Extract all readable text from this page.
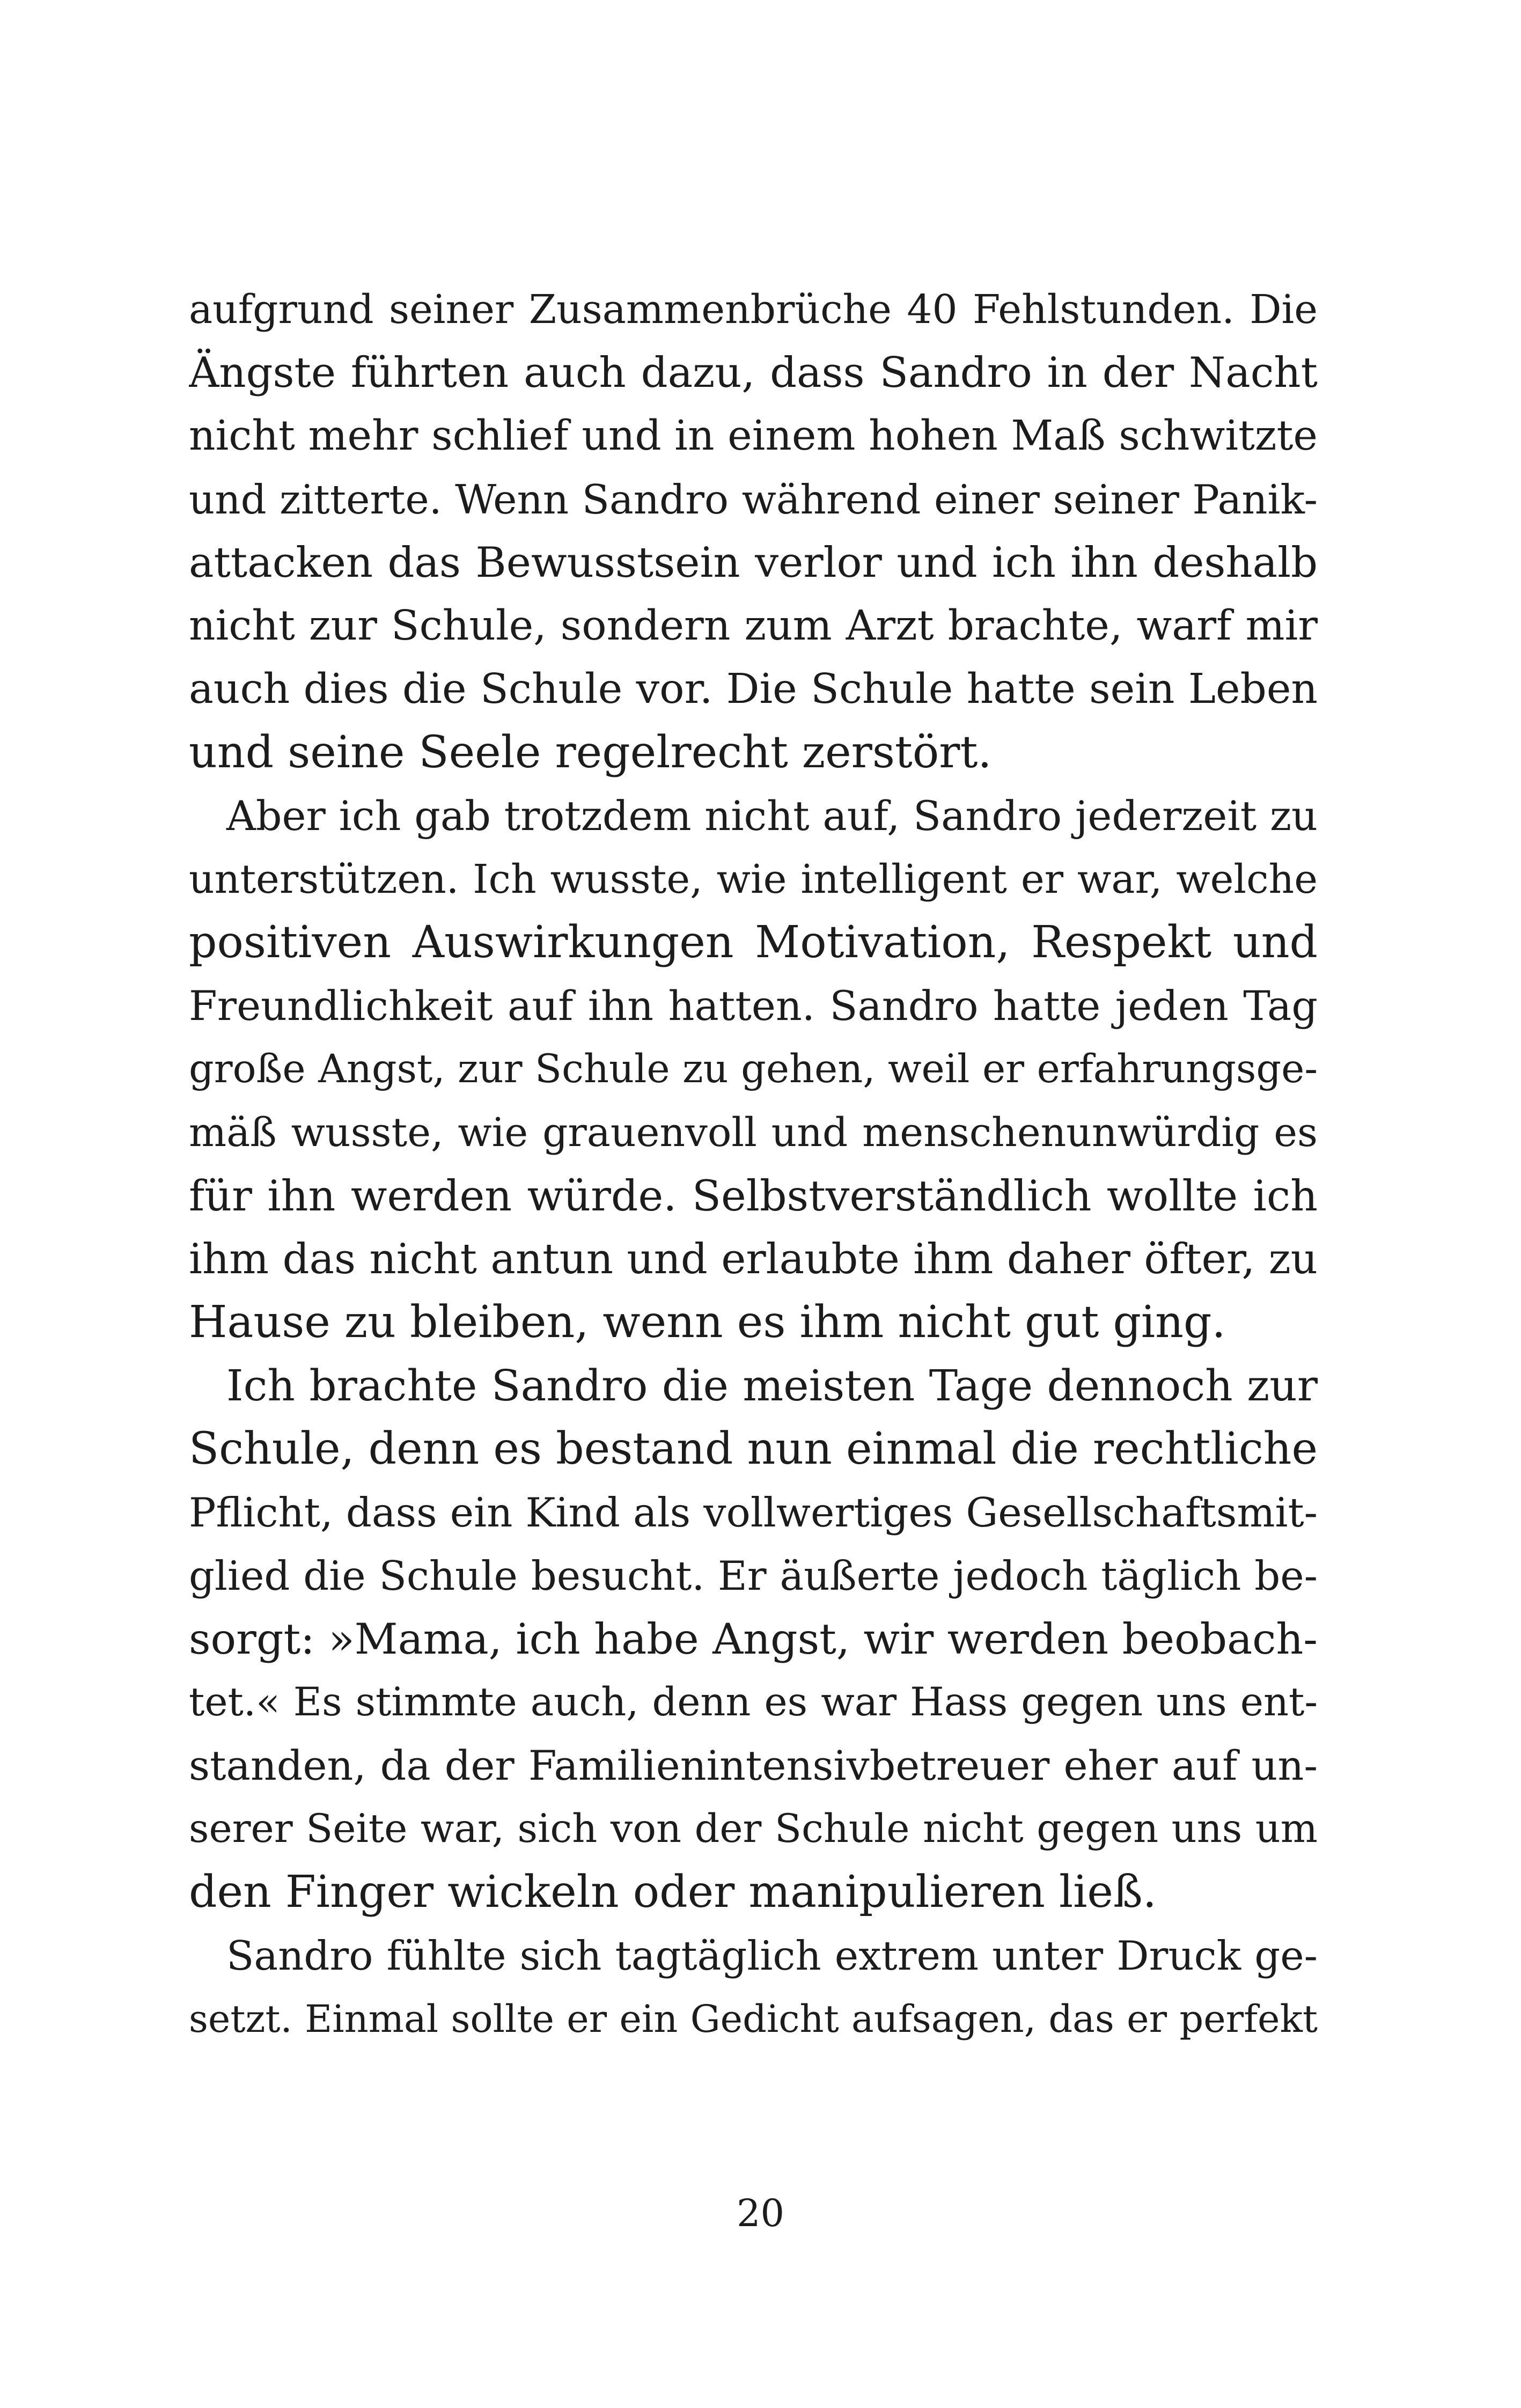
aufgrund seiner Zusammenbrüche 40 Fehlstunden. Die
Ängste führten auch dazu, dass Sandro in der Nacht
nicht mehr schlief und in einem hohen Maß schwitzte
und zitterte. Wenn Sandro während einer seiner Panik-
attacken das Bewusstsein verlor und ich ihn deshalb
nicht zur Schule, sondern zum Arzt brachte, warf mir
auch dies die Schule vor. Die Schule hatte sein Leben
und seine Seele regelrecht zerstört.
Aber ich gab trotzdem nicht auf, Sandro jederzeit zu
unterstützen. Ich wusste, wie intelligent er war, welche
positiven Auswirkungen Motivation, Respekt und
Freundlichkeit auf ihn hatten. Sandro hatte jeden Tag
große Angst, zur Schule zu gehen, weil er erfahrungsge-
mäß wusste, wie grauenvoll und menschenunwürdig es
für ihn werden würde. Selbstverständlich wollte ich
ihm das nicht antun und erlaubte ihm daher öfter, zu
Hause zu bleiben, wenn es ihm nicht gut ging.
Ich brachte Sandro die meisten Tage dennoch zur
Schule, denn es bestand nun einmal die rechtliche
Pflicht, dass ein Kind als vollwertiges Gesellschaftsmit-
glied die Schule besucht. Er äußerte jedoch täglich be-
sorgt: »Mama, ich habe Angst, wir werden beobach-
tet.« Es stimmte auch, denn es war Hass gegen uns ent-
standen, da der Familienintensivbetreuer eher auf un-
serer Seite war, sich von der Schule nicht gegen uns um
den Finger wickeln oder manipulieren ließ.
Sandro fühlte sich tagtäglich extrem unter Druck ge-
setzt. Einmal sollte er ein Gedicht aufsagen, das er perfekt
20
